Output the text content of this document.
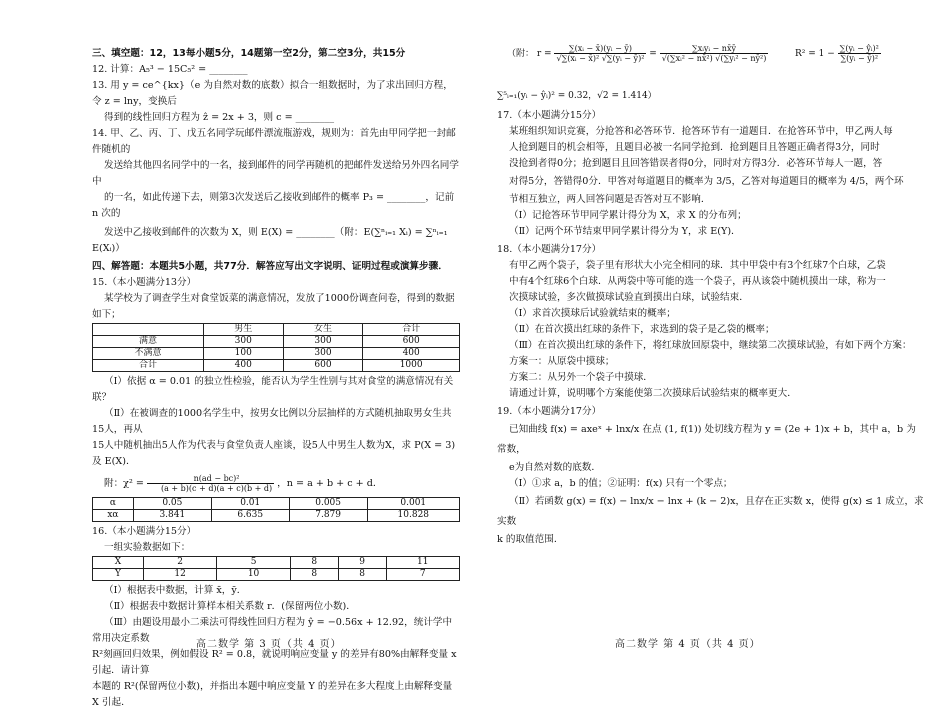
三、填空题：12，13每小题5分，14题第一空2分，第二空3分，共15分

12. 计算：A₅³ − 15C₅² = ________

13. 用 y = ce^{kx}（e 为自然对数的底数）拟合一组数据时，为了求出回归方程，令 z = lny，变换后

得到的线性回归方程为 ẑ = 2x + 3，则 c = ________

14. 甲、乙、丙、丁、戊五名同学玩邮件漂流瓶游戏，规则为：首先由甲同学把一封邮件随机的

发送给其他四名同学中的一名，接到邮件的同学再随机的把邮件发送给另外四名同学中

的一名，如此传递下去，则第3次发送后乙接收到邮件的概率 P₃ = ________，记前 n 次的

发送中乙接收到邮件的次数为 X，则 E(X) = ________（附：E(∑ⁿᵢ₌₁ Xᵢ) = ∑ⁿᵢ₌₁ E(Xᵢ)）

四、解答题：本题共5小题，共77分．解答应写出文字说明、证明过程或演算步骤．

15.（本小题满分13分）

某学校为了调查学生对食堂饭菜的满意情况，发放了1000份调查问卷，得到的数据如下；

	男生	女生	合计
满意	300	300	600
不满意	100	300	400
合计	400	600	1000

（Ⅰ）依据 α = 0.01 的独立性检验，能否认为学生性别与其对食堂的满意情况有关联？

（Ⅱ）在被调查的1000名学生中，按男女比例以分层抽样的方式随机抽取男女生共15人，再从

15人中随机抽出5人作为代表与食堂负责人座谈，设5人中男生人数为X，求 P(X = 3) 及 E(X)．

附：$\chi^2 = \frac{\text{n(ad − bc)²}}{(a + b)(c + d)(a + c)(b + d)}$ ，n = a + b + c + d．

α	0.05	0.01	0.005	0.001
xα	3.841	6.635	7.879	10.828

16.（本小题满分15分）

一组实验数据如下：

X	2	5	8	9	11
Y	12	10	8	8	7

（Ⅰ）根据表中数据，计算 x̄，ȳ．

（Ⅱ）根据表中数据计算样本相关系数 r．(保留两位小数)．

（Ⅲ）由题设用最小二乘法可得线性回归方程为 ŷ = −0.56x + 12.92，统计学中常用决定系数

R²刻画回归效果，例如假设 R² = 0.8，就说明响应变量 y 的差异有80%由解释变量 x 引起．请计算

本题的 R²(保留两位小数)，并指出本题中响应变量 Y 的差异在多大程度上由解释变量 X 引起．

高二数学 第 3 页（共 4 页）
（附： $r = \frac{\text{∑(xᵢ − x̄)(yᵢ − ȳ)}}{\text{√∑(xᵢ − x̄)² √∑(yᵢ − ȳ)²}} = \frac{\text{∑xᵢyᵢ − nx̄ȳ}}{\text{√(∑xᵢ² − nx̄²) √(∑yᵢ² − nȳ²)}}$	$R^2 = 1 - \frac{\text{∑(yᵢ − ŷᵢ)²}}{\text{∑(yᵢ − ȳ)²}}$
∑⁵ᵢ₌₁(yᵢ − ŷᵢ)² = 0.32，√2 = 1.414）

17.（本小题满分15分）

某班组织知识竞赛，分抢答和必答环节．抢答环节有一道题目．在抢答环节中，甲乙两人每

人抢到题目的机会相等，且题目必被一名同学抢到．抢到题目且答题正确者得3分，同时

没抢到者得0分；抢到题目且回答错误者得0分，同时对方得3分．必答环节每人一题，答

对得5分，答错得0分．甲答对每道题目的概率为 3/5，乙答对每道题目的概率为 4/5，两个环

节相互独立，两人回答问题是否答对互不影响．

（Ⅰ）记抢答环节甲同学累计得分为 X，求 X 的分布列；

（Ⅱ）记两个环节结束甲同学累计得分为 Y，求 E(Y)．

18.（本小题满分17分）

有甲乙两个袋子，袋子里有形状大小完全相同的球．其中甲袋中有3个红球7个白球，乙袋

中有4个红球6个白球．从两袋中等可能的选一个袋子，再从该袋中随机摸出一球，称为一

次摸球试验，多次做摸球试验直到摸出白球，试验结束．

（Ⅰ）求首次摸球后试验就结束的概率；

（Ⅱ）在首次摸出红球的条件下，求选到的袋子是乙袋的概率；

（Ⅲ）在首次摸出红球的条件下，将红球放回原袋中，继续第二次摸球试验，有如下两个方案：

方案一：从原袋中摸球；

方案二：从另外一个袋子中摸球．

请通过计算，说明哪个方案能使第二次摸球后试验结束的概率更大．

19.（本小题满分17分）

已知曲线 f(x) = axeˣ + lnx/x 在点 (1, f(1)) 处切线方程为 y = (2e + 1)x + b，其中 a，b 为常数，

e为自然对数的底数．

（Ⅰ）①求 a，b 的值；②证明：f(x) 只有一个零点；

（Ⅱ）若函数 g(x) = f(x) − lnx/x − lnx + (k − 2)x，且存在正实数 x，使得 g(x) ≤ 1 成立，求实数

k 的取值范围．

高二数学 第 4 页（共 4 页）
